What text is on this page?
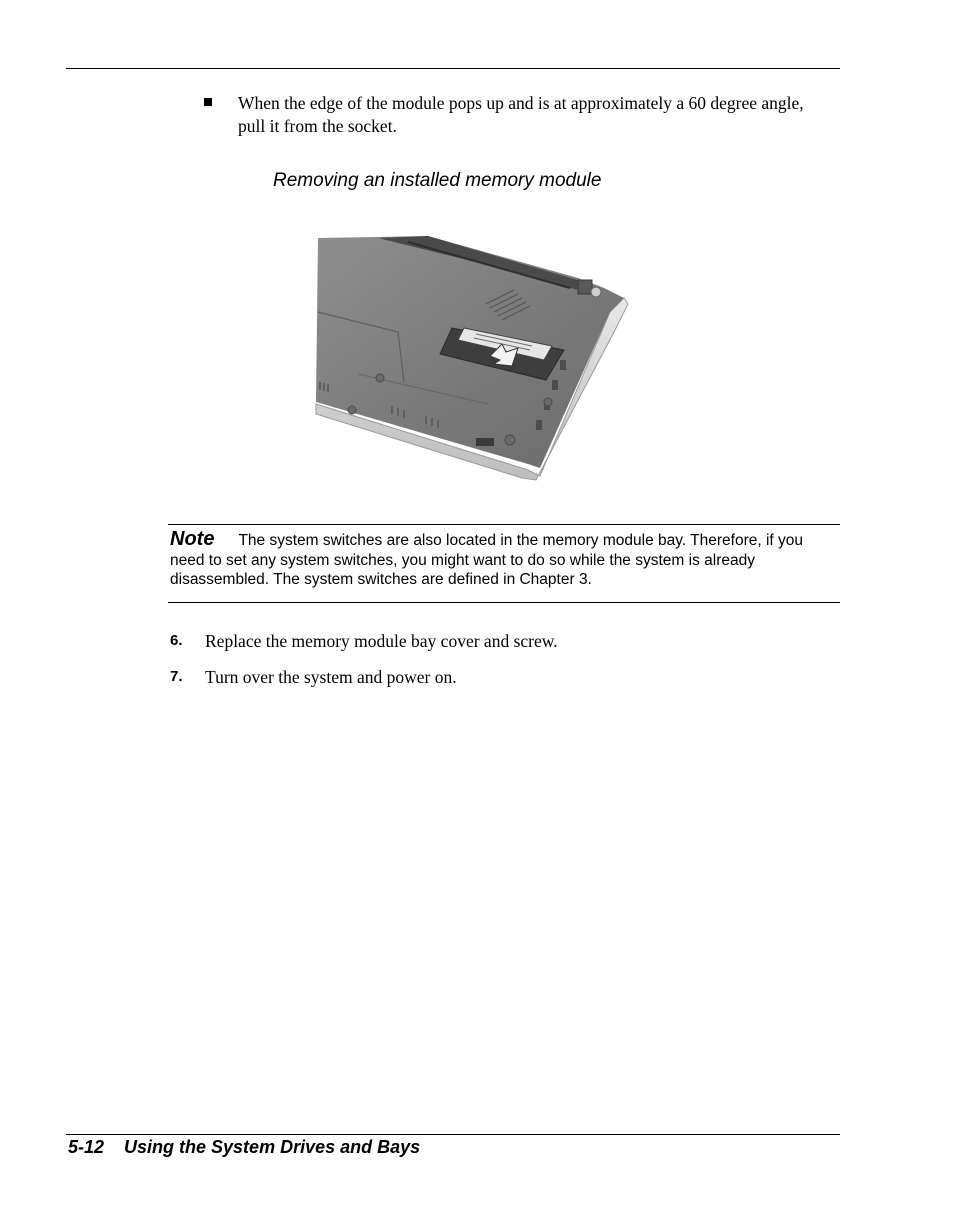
When the edge of the module pops up and is at approximately a 60 degree angle, pull it from the socket.
Removing an installed memory module
Note The system switches are also located in the memory module bay. Therefore, if you need to set any system switches, you might want to do so while the system is already disassembled. The system switches are defined in Chapter 3.
6. Replace the memory module bay cover and screw.
7. Turn over the system and power on.
5-12 Using the System Drives and Bays
